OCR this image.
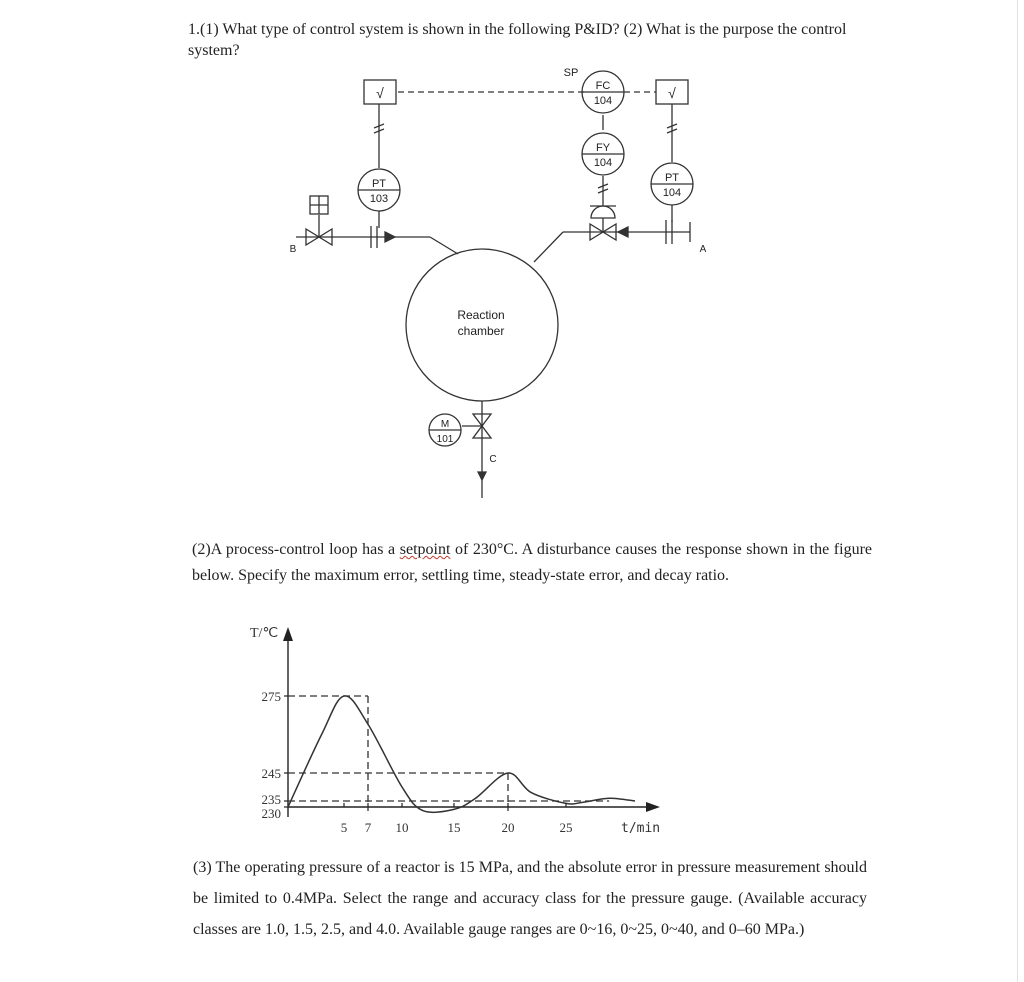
1.(1) What type of control system is shown in the following P&ID? (2) What is the purpose the control system?
SP
FC
104
FY
104
PT
103
PT
104
√	√
B	A
C
Reaction
chamber
M
101
(2)A process-control loop has a setpoint of 230°C. A disturbance causes the response shown in the figure below. Specify the maximum error, settling time, steady-state error, and decay ratio.
275
245
235
230
5 7 10	15	20	25
T/℃
t/min
(3) The operating pressure of a reactor is 15 MPa, and the absolute error in pressure measurement should be limited to 0.4MPa. Select the range and accuracy class for the pressure gauge. (Available accuracy classes are 1.0, 1.5, 2.5, and 4.0. Available gauge ranges are 0~16, 0~25, 0~40, and 0–60 MPa.)
